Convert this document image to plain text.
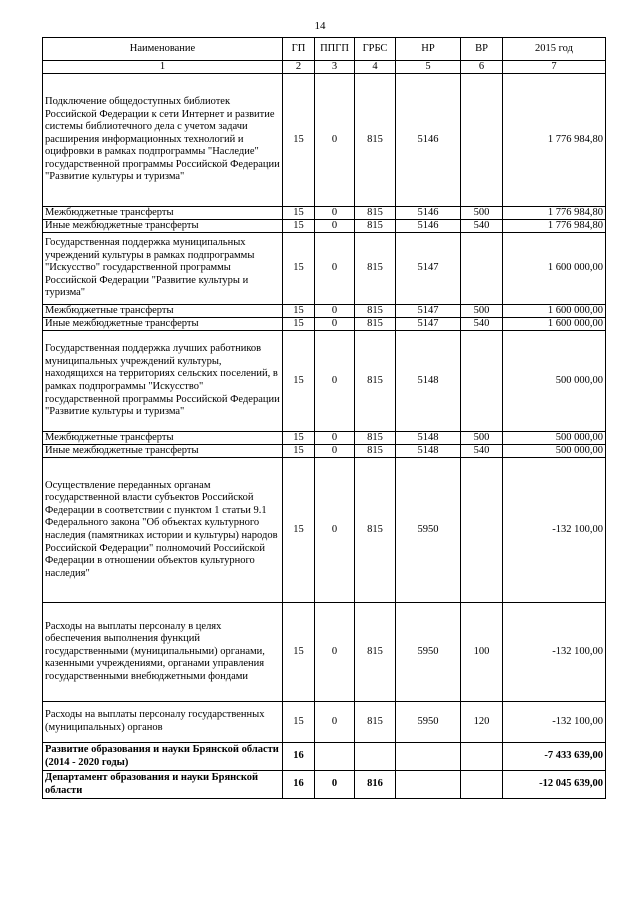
14
Наименование	ГП	ППГП	ГРБС	НР	ВР	2015 год
1	2	3	4	5	6	7
Подключение общедоступных библиотек Российской Федерации к сети Интернет и развитие системы библиотечного дела с учетом задачи расширения информационных технологий и оцифровки в рамках подпрограммы "Наследие" государственной программы Российской Федерации "Развитие культуры и туризма"	15	0	815	5146		1 776 984,80
Межбюджетные трансферты	15	0	815	5146	500	1 776 984,80
Иные межбюджетные трансферты	15	0	815	5146	540	1 776 984,80
Государственная поддержка муниципальных учреждений культуры в рамках подпрограммы "Искусство" государственной программы Российской Федерации "Развитие культуры и туризма"	15	0	815	5147		1 600 000,00
Межбюджетные трансферты	15	0	815	5147	500	1 600 000,00
Иные межбюджетные трансферты	15	0	815	5147	540	1 600 000,00
Государственная поддержка лучших работников муниципальных учреждений культуры, находящихся на территориях сельских поселений, в рамках подпрограммы "Искусство" государственной программы Российской Федерации "Развитие культуры и туризма"	15	0	815	5148		500 000,00
Межбюджетные трансферты	15	0	815	5148	500	500 000,00
Иные межбюджетные трансферты	15	0	815	5148	540	500 000,00
Осуществление переданных органам государственной власти субъектов Российской Федерации в соответствии с пунктом 1 статьи 9.1 Федерального закона "Об объектах культурного наследия (памятниках истории и культуры) народов Российской Федерации" полномочий Российской Федерации в отношении объектов культурного наследия"	15	0	815	5950		-132 100,00
Расходы на выплаты персоналу в целях обеспечения выполнения функций государственными (муниципальными) органами, казенными учреждениями, органами управления государственными внебюджетными фондами	15	0	815	5950	100	-132 100,00
Расходы на выплаты персоналу государственных (муниципальных) органов	15	0	815	5950	120	-132 100,00
Развитие образования и науки Брянской области (2014 - 2020 годы)	16					-7 433 639,00
Департамент образования и науки Брянской области	16	0	816			-12 045 639,00
